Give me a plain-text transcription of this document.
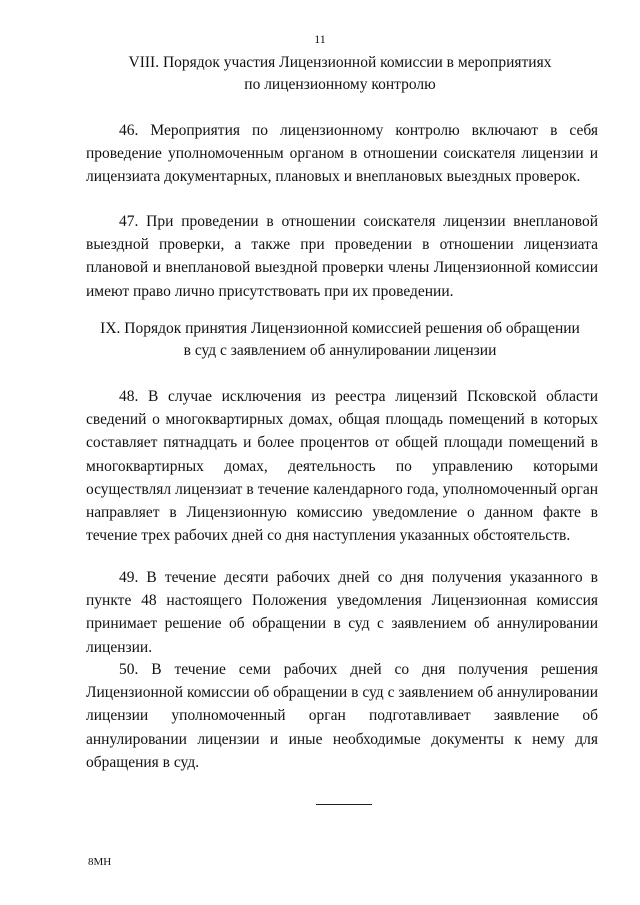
11
VIII. Порядок участия Лицензионной комиссии в мероприятиях
по лицензионному контролю

46. Мероприятия по лицензионному контролю включают в себя проведение уполномоченным органом в отношении соискателя лицензии и лицензиата документарных, плановых и внеплановых выездных проверок.

47. При проведении в отношении соискателя лицензии внеплановой выездной проверки, а также при проведении в отношении лицензиата плановой и внеплановой выездной проверки члены Лицензионной комиссии имеют право лично присутствовать при их проведении.

IX. Порядок принятия Лицензионной комиссией решения об обращении
в суд с заявлением об аннулировании лицензии

48. В случае исключения из реестра лицензий Псковской области сведений о многоквартирных домах, общая площадь помещений в которых составляет пятнадцать и более процентов от общей площади помещений в многоквартирных домах, деятельность по управлению которыми осуществлял лицензиат в течение календарного года, уполномоченный орган направляет в Лицензионную комиссию уведомление о данном факте в течение трех рабочих дней со дня наступления указанных обстоятельств.

49. В течение десяти рабочих дней со дня получения указанного в пункте 48 настоящего Положения уведомления Лицензионная комиссия принимает решение об обращении в суд с заявлением об аннулировании лицензии.

50. В течение семи рабочих дней со дня получения решения Лицензионной комиссии об обращении в суд с заявлением об аннулировании лицензии уполномоченный орган подготавливает заявление об аннулировании лицензии и иные необходимые документы к нему для обращения в суд.

8МН
